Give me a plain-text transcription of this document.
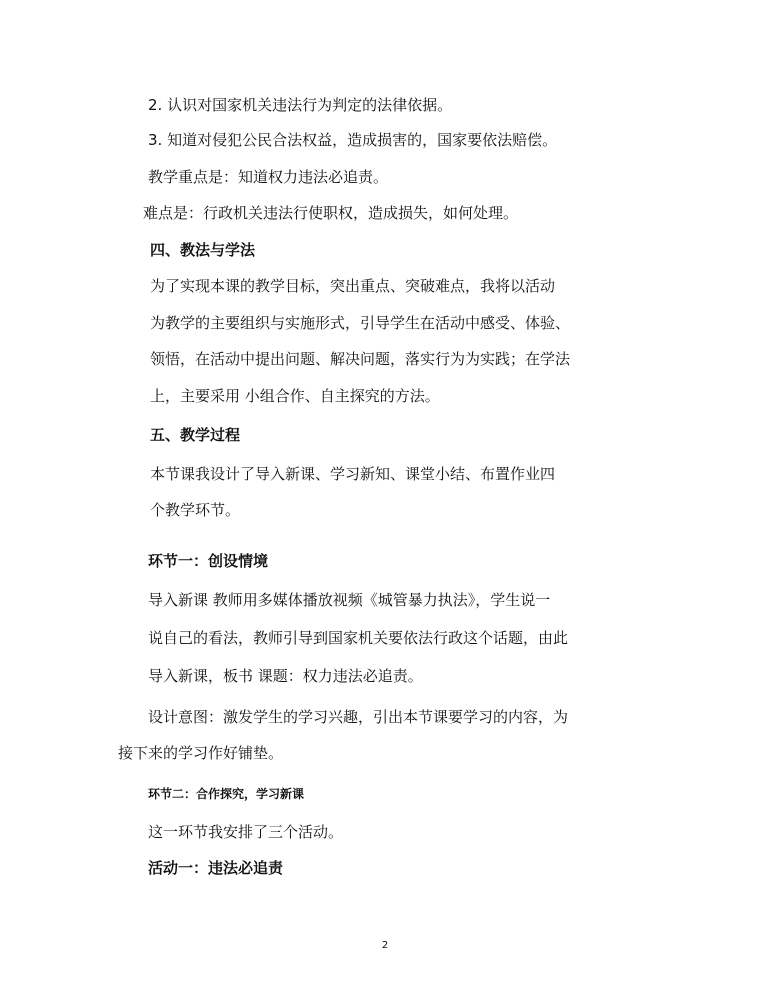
2. 认识对国家机关违法行为判定的法律依据。

3. 知道对侵犯公民合法权益，造成损害的，国家要依法赔偿。

教学重点是：知道权力违法必追责。

难点是：行政机关违法行使职权，造成损失，如何处理。

四、教法与学法

为了实现本课的教学目标，突出重点、突破难点，我将以活动

为教学的主要组织与实施形式，引导学生在活动中感受、体验、

领悟，在活动中提出问题、解决问题，落实行为为实践；在学法

上，主要采用 小组合作、自主探究的方法。

五、教学过程

本节课我设计了导入新课、学习新知、课堂小结、布置作业四

个教学环节。

环节一：创设情境

导入新课 教师用多媒体播放视频《城管暴力执法》，学生说一

说自己的看法，教师引导到国家机关要依法行政这个话题，由此

导入新课，板书 课题：权力违法必追责。

设计意图：激发学生的学习兴趣，引出本节课要学习的内容，为

接下来的学习作好铺垫。

环节二：合作探究，学习新课

这一环节我安排了三个活动。

活动一：违法必追责

2
